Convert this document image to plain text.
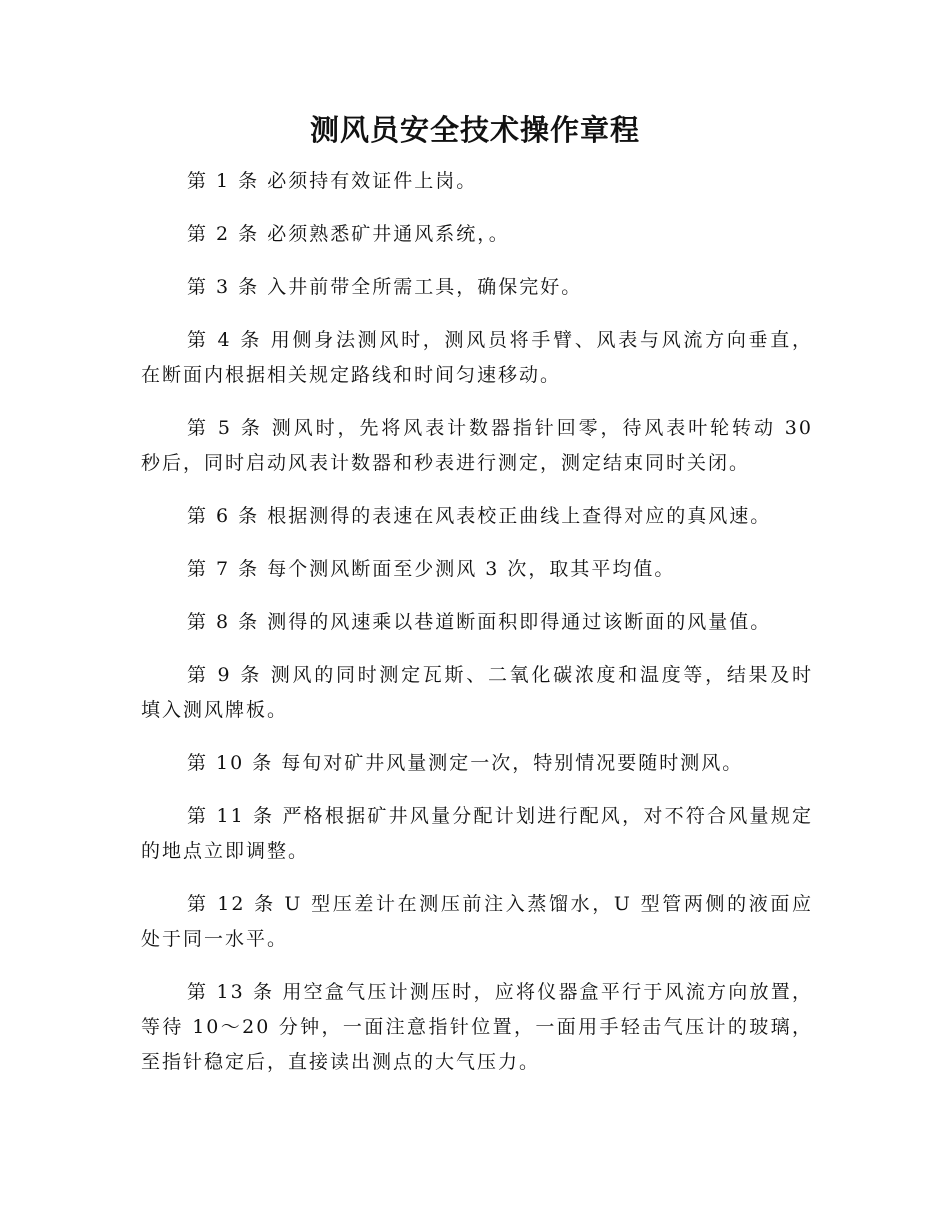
测风员安全技术操作章程

第 1 条 必须持有效证件上岗。

第 2 条 必须熟悉矿井通风系统，。

第 3 条 入井前带全所需工具，确保完好。

第 4 条 用侧身法测风时，测风员将手臂、风表与风流方向垂直，在断面内根据相关规定路线和时间匀速移动。

第 5 条 测风时，先将风表计数器指针回零，待风表叶轮转动 30 秒后，同时启动风表计数器和秒表进行测定，测定结束同时关闭。

第 6 条 根据测得的表速在风表校正曲线上查得对应的真风速。

第 7 条 每个测风断面至少测风 3 次，取其平均值。

第 8 条 测得的风速乘以巷道断面积即得通过该断面的风量值。

第 9 条 测风的同时测定瓦斯、二氧化碳浓度和温度等，结果及时填入测风牌板。

第 10 条 每旬对矿井风量测定一次，特别情况要随时测风。

第 11 条 严格根据矿井风量分配计划进行配风，对不符合风量规定的地点立即调整。

第 12 条 U 型压差计在测压前注入蒸馏水，U 型管两侧的液面应处于同一水平。

第 13 条 用空盒气压计测压时，应将仪器盒平行于风流方向放置，等待 10～20 分钟，一面注意指针位置，一面用手轻击气压计的玻璃，至指针稳定后，直接读出测点的大气压力。
